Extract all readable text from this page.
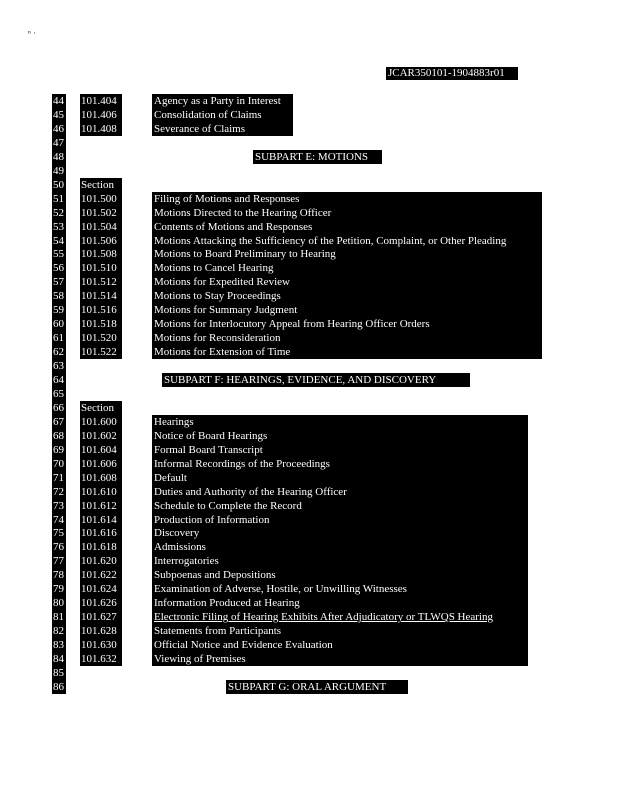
ⁿ ·
JCAR350101-1904883r01
44 101.404	Agency as a Party in Interest
45 101.406	Consolidation of Claims
46 101.408	Severance of Claims
47
48	SUBPART E: MOTIONS
49
50 Section
51 101.500	Filing of Motions and Responses
52 101.502	Motions Directed to the Hearing Officer
53 101.504	Contents of Motions and Responses
54 101.506	Motions Attacking the Sufficiency of the Petition, Complaint, or Other Pleading
55 101.508	Motions to Board Preliminary to Hearing
56 101.510	Motions to Cancel Hearing
57 101.512	Motions for Expedited Review
58 101.514	Motions to Stay Proceedings
59 101.516	Motions for Summary Judgment
60 101.518	Motions for Interlocutory Appeal from Hearing Officer Orders
61 101.520	Motions for Reconsideration
62 101.522	Motions for Extension of Time
63
64	SUBPART F: HEARINGS, EVIDENCE, AND DISCOVERY
65
66 Section
67 101.600	Hearings
68 101.602	Notice of Board Hearings
69 101.604	Formal Board Transcript
70 101.606	Informal Recordings of the Proceedings
71 101.608	Default
72 101.610	Duties and Authority of the Hearing Officer
73 101.612	Schedule to Complete the Record
74 101.614	Production of Information
75 101.616	Discovery
76 101.618	Admissions
77 101.620	Interrogatories
78 101.622	Subpoenas and Depositions
79 101.624	Examination of Adverse, Hostile, or Unwilling Witnesses
80 101.626	Information Produced at Hearing
81 101.627	Electronic Filing of Hearing Exhibits After Adjudicatory or TLWQS Hearing
82 101.628	Statements from Participants
83 101.630	Official Notice and Evidence Evaluation
84 101.632	Viewing of Premises
85
86	SUBPART G: ORAL ARGUMENT
